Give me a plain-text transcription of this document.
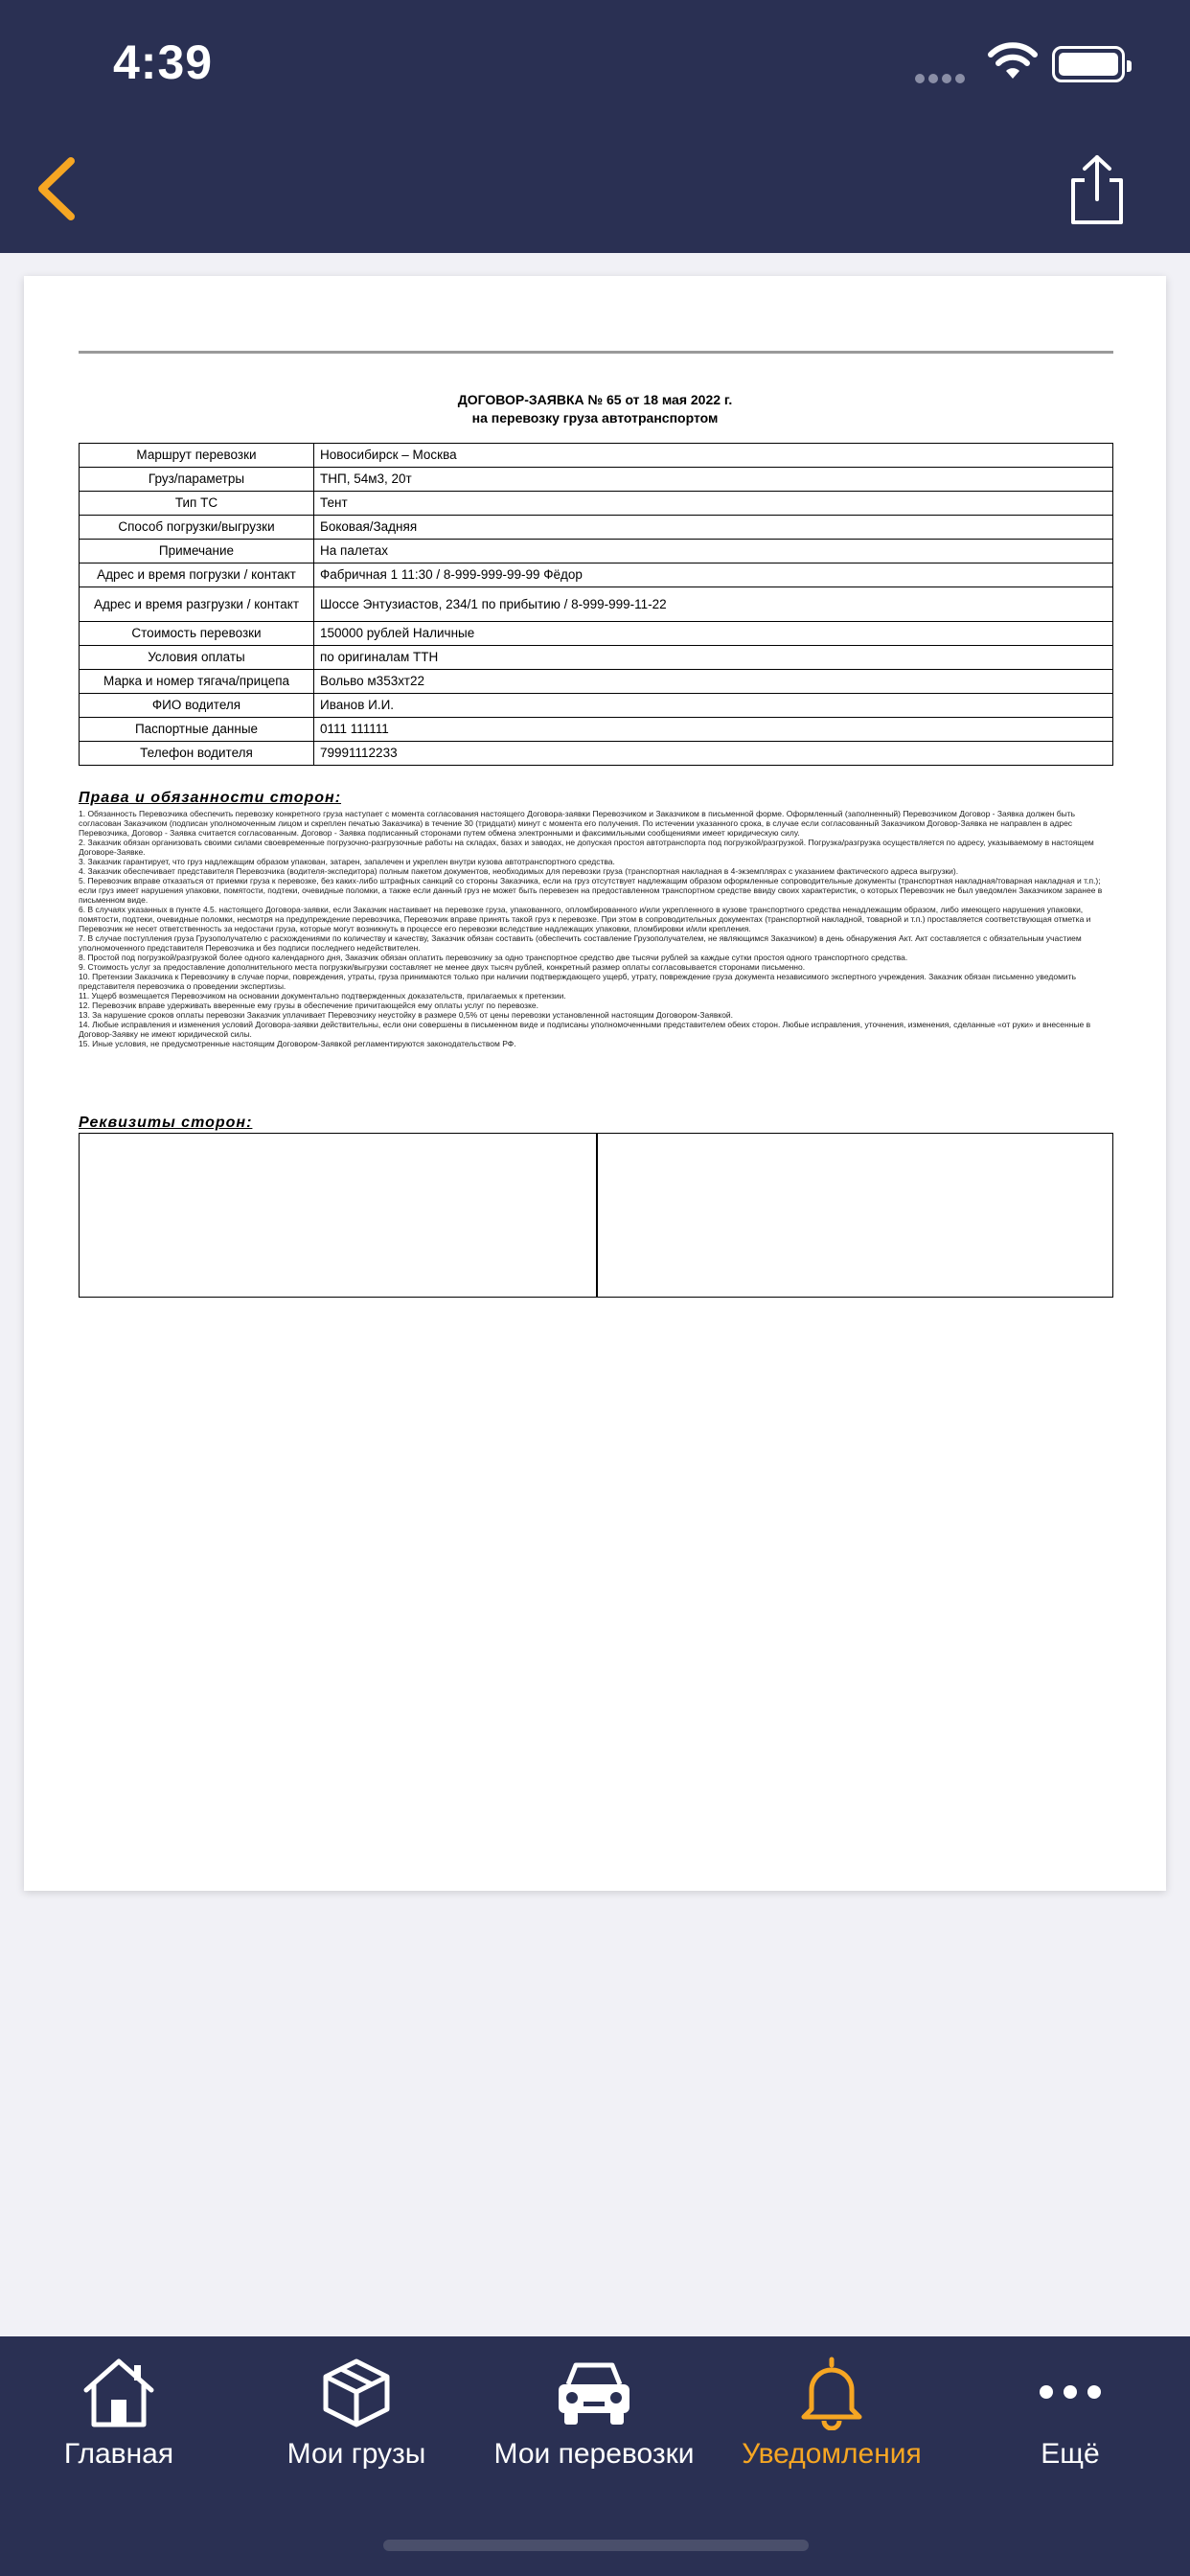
4:39
ДОГОВОР-ЗАЯВКА № 65 от 18 мая 2022 г.
на перевозку груза автотранспортом
Маршрут перевозки	Новосибирск – Москва
Груз/параметры	ТНП, 54м3, 20т
Тип ТС	Тент
Способ погрузки/выгрузки	Боковая/Задняя
Примечание	На палетах
Адрес и время погрузки / контакт	Фабричная 1 11:30 / 8-999-999-99-99 Фёдор
Адрес и время разгрузки / контакт	Шоссе Энтузиастов, 234/1 по прибытию / 8-999-999-11-22
Стоимость перевозки	150000 рублей Наличные
Условия оплаты	по оригиналам ТТН
Марка и номер тягача/прицепа	Вольво м353хт22
ФИО водителя	Иванов И.И.
Паспортные данные	0111 111111
Телефон водителя	79991112233
Права и обязанности сторон:

1. Обязанность Перевозчика обеспечить перевозку конкретного груза наступает с момента согласования настоящего Договора-заявки Перевозчиком и Заказчиком в письменной форме. Оформленный (заполненный) Перевозчиком Договор - Заявка должен быть согласован Заказчиком (подписан уполномоченным лицом и скреплен печатью Заказчика) в течение 30 (тридцати) минут с момента его получения. По истечении указанного срока, в случае если согласованный Заказчиком Договор-Заявка не направлен в адрес Перевозчика, Договор - Заявка считается согласованным. Договор - Заявка подписанный сторонами путем обмена электронными и факсимильными сообщениями имеет юридическую силу.

2. Заказчик обязан организовать своими силами своевременные погрузочно-разгрузочные работы на складах, базах и заводах, не допуская простоя автотранспорта под погрузкой/разгрузкой. Погрузка/разгрузка осуществляется по адресу, указываемому в настоящем Договоре-Заявке.

3. Заказчик гарантирует, что груз надлежащим образом упакован, затарен, запалечен и укреплен внутри кузова автотранспортного средства.

4. Заказчик обеспечивает представителя Перевозчика (водителя-экспедитора) полным пакетом документов, необходимых для перевозки груза (транспортная накладная в 4-экземплярах с указанием фактического адреса выгрузки).

5. Перевозчик вправе отказаться от приемки груза к перевозке, без каких-либо штрафных санкций со стороны Заказчика, если на груз отсутствует надлежащим образом оформленные сопроводительные документы (транспортная накладная/товарная накладная и т.п.); если груз имеет нарушения упаковки, помятости, подтеки, очевидные поломки, а также если данный груз не может быть перевезен на предоставленном транспортном средстве ввиду своих характеристик, о которых Перевозчик не был уведомлен Заказчиком заранее в письменном виде.

6. В случаях указанных в пункте 4.5. настоящего Договора-заявки, если Заказчик настаивает на перевозке груза, упакованного, опломбированного и/или укрепленного в кузове транспортного средства ненадлежащим образом, либо имеющего нарушения упаковки, помятости, подтеки, очевидные поломки, несмотря на предупреждение перевозчика, Перевозчик вправе принять такой груз к перевозке. При этом в сопроводительных документах (транспортной накладной, товарной и т.п.) проставляется соответствующая отметка и Перевозчик не несет ответственность за недостачи груза, которые могут возникнуть в процессе его перевозки вследствие надлежащих упаковки, пломбировки и/или крепления.

7. В случае поступления груза Грузополучателю с расхождениями по количеству и качеству, Заказчик обязан составить (обеспечить составление Грузополучателем, не являющимся Заказчиком) в день обнаружения Акт. Акт составляется с обязательным участием уполномоченного представителя Перевозчика и без подписи последнего недействителен.

8. Простой под погрузкой/разгрузкой более одного календарного дня, Заказчик обязан оплатить перевозчику за одно транспортное средство две тысячи рублей за каждые сутки простоя одного транспортного средства.

9. Стоимость услуг за предоставление дополнительного места погрузки/выгрузки составляет не менее двух тысяч рублей, конкретный размер оплаты согласовывается сторонами письменно.

10. Претензии Заказчика к Перевозчику в случае порчи, повреждения, утраты, груза принимаются только при наличии подтверждающего ущерб, утрату, повреждение груза документа независимого экспертного учреждения. Заказчик обязан письменно уведомить представителя перевозчика о проведении экспертизы.

11. Ущерб возмещается Перевозчиком на основании документально подтвержденных доказательств, прилагаемых к претензии.

12. Перевозчик вправе удерживать вверенные ему грузы в обеспечение причитающейся ему оплаты услуг по перевозке.

13. За нарушение сроков оплаты перевозки Заказчик уплачивает Перевозчику неустойку в размере 0,5% от цены перевозки установленной настоящим Договором-Заявкой.

14. Любые исправления и изменения условий Договора-заявки действительны, если они совершены в письменном виде и подписаны уполномоченными представителем обеих сторон. Любые исправления, уточнения, изменения, сделанные «от руки» и внесенные в Договор-Заявку не имеют юридической силы.

15. Иные условия, не предусмотренные настоящим Договором-Заявкой регламентируются законодательством РФ.

Реквизиты сторон:
Главная	Мои грузы	Мои перевозки	Уведомления	Ещё
